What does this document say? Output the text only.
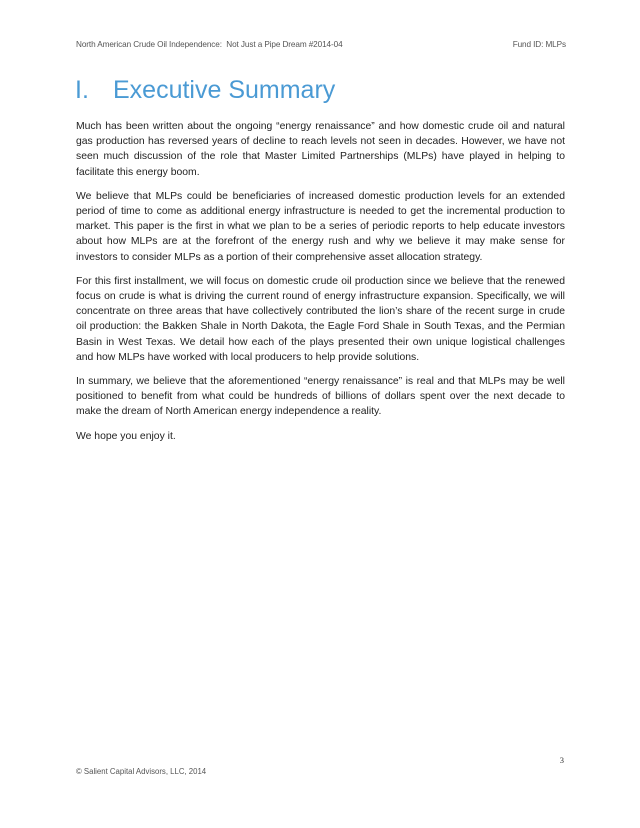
North American Crude Oil Independence:  Not Just a Pipe Dream #2014-04	Fund ID: MLPs
I. Executive Summary

Much has been written about the ongoing “energy renaissance” and how domestic crude oil and natural gas production has reversed years of decline to reach levels not seen in decades. However, we have not seen much discussion of the role that Master Limited Partnerships (MLPs) have played in helping to facilitate this energy boom.

We believe that MLPs could be beneficiaries of increased domestic production levels for an extended period of time to come as additional energy infrastructure is needed to get the incremental production to market. This paper is the first in what we plan to be a series of periodic reports to help educate investors about how MLPs are at the forefront of the energy rush and why we believe it may make sense for investors to consider MLPs as a portion of their comprehensive asset allocation strategy.

For this first installment, we will focus on domestic crude oil production since we believe that the renewed focus on crude is what is driving the current round of energy infrastructure expansion. Specifically, we will concentrate on three areas that have collectively contributed the lion’s share of the recent surge in crude oil production: the Bakken Shale in North Dakota, the Eagle Ford Shale in South Texas, and the Permian Basin in West Texas. We detail how each of the plays presented their own unique logistical challenges and how MLPs have worked with local producers to help provide solutions.

In summary, we believe that the aforementioned “energy renaissance” is real and that MLPs may be well positioned to benefit from what could be hundreds of billions of dollars spent over the next decade to make the dream of North American energy independence a reality.

We hope you enjoy it.

3
© Salient Capital Advisors, LLC, 2014
